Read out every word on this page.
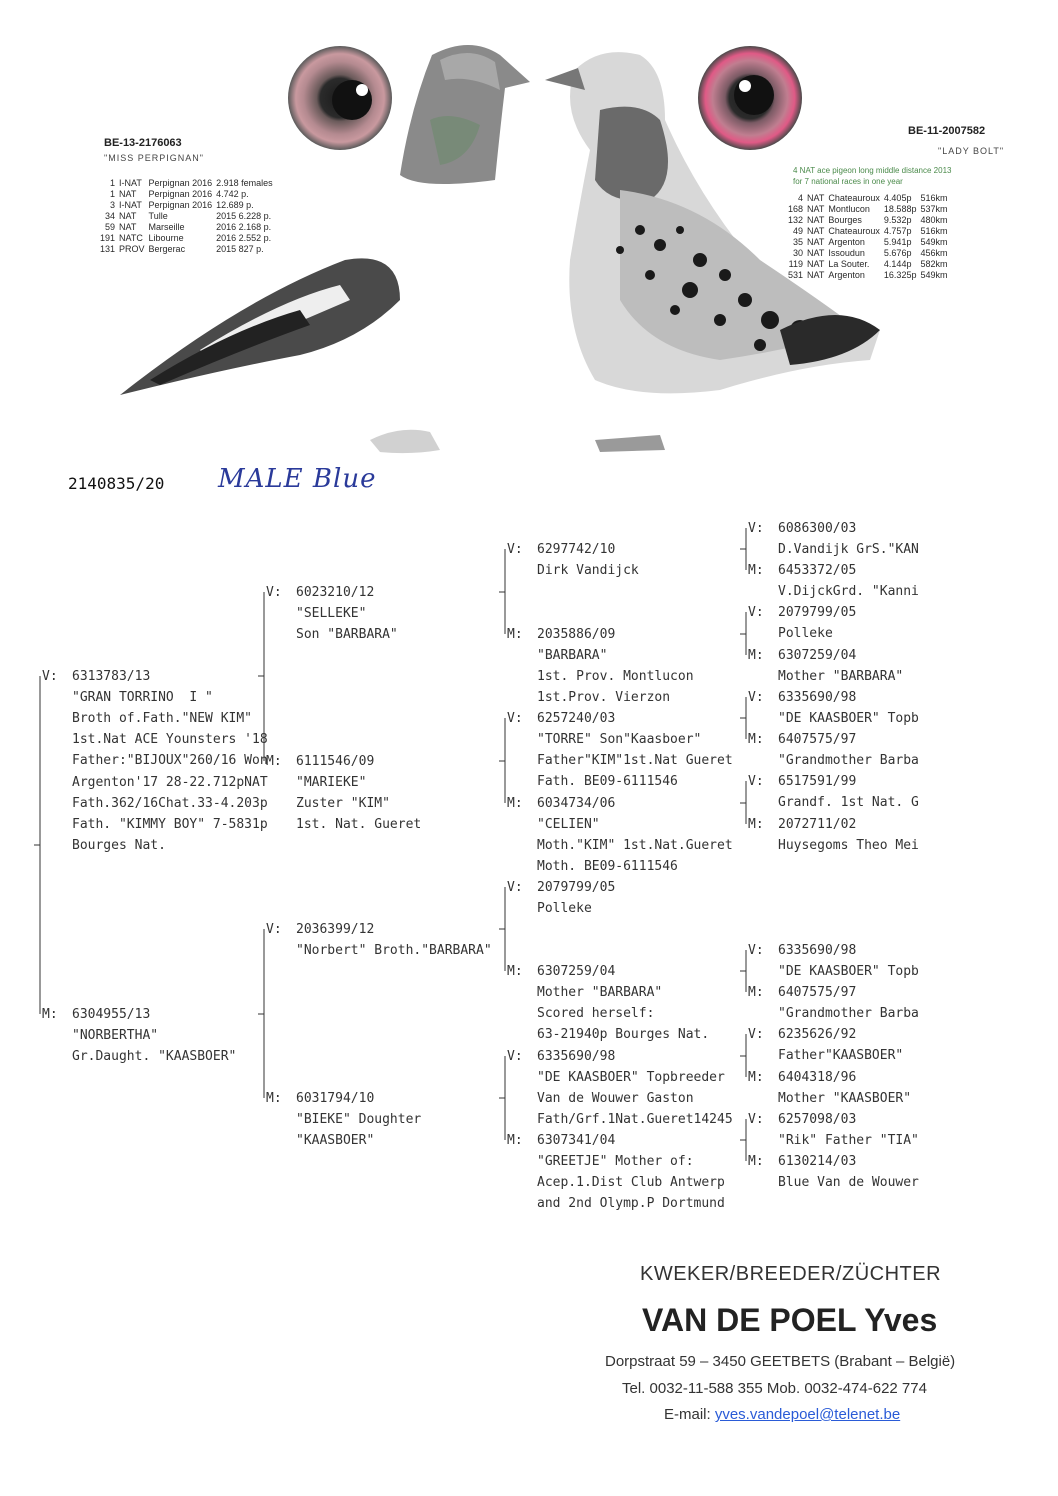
BE-13-2176063
"MISS PERPIGNAN"
1	I-NAT	Perpignan 2016	2.918 females
1	NAT	Perpignan 2016	4.742 p.
3	I-NAT	Perpignan 2016	12.689 p.
34	NAT	Tulle	2015 6.228 p.
59	NAT	Marseille	2016 2.168 p.
191	NATC	Libourne	2016 2.552 p.
131	PROV	Bergerac	2015 827 p.
BE-11-2007582
"LADY BOLT"
4 NAT ace pigeon long middle distance 2013
for 7 national races in one year
4	NAT	Chateauroux	4.405p	516km
168	NAT	Montlucon	18.588p	537km
132	NAT	Bourges	9.532p	480km
49	NAT	Chateauroux	4.757p	516km
35	NAT	Argenton	5.941p	549km
30	NAT	Issoudun	5.676p	456km
119	NAT	La Souter.	4.144p	582km
531	NAT	Argenton	16.325p	549km
2140835/20 MALE Blue
V: 6313783/13
"GRAN TORRINO  I "
Broth of.Fath."NEW KIM"
1st.Nat ACE Younsters '18
Father:"BIJOUX"260/16 Won
Argenton'17 28-22.712pNAT
Fath.362/16Chat.33-4.203p
Fath. "KIMMY BOY" 7-5831p
Bourges Nat.
M: 6304955/13
"NORBERTHA"
Gr.Daught. "KAASBOER"
V: 6023210/12
"SELLEKE"
Son "BARBARA"
M: 6111546/09
"MARIEKE"
Zuster "KIM"
1st. Nat. Gueret
V: 2036399/12
"Norbert" Broth."BARBARA"
M: 6031794/10
"BIEKE" Doughter
"KAASBOER"
V: 6297742/10
Dirk Vandijck
M: 2035886/09
"BARBARA"
1st. Prov. Montlucon
1st.Prov. Vierzon
V: 6257240/03
"TORRE" Son"Kaasboer"
Father"KIM"1st.Nat Gueret
Fath. BE09-6111546
M: 6034734/06
"CELIEN"
Moth."KIM" 1st.Nat.Gueret
Moth. BE09-6111546
V: 2079799/05
Polleke
M: 6307259/04
Mother "BARBARA"
Scored herself:
63-21940p Bourges Nat.
V: 6335690/98
"DE KAASBOER" Topbreeder
Van de Wouwer Gaston
Fath/Grf.1Nat.Gueret14245
M: 6307341/04
"GREETJE" Mother of:
Acep.1.Dist Club Antwerp
and 2nd Olymp.P Dortmund
V: 6086300/03
D.Vandijk GrS."KAN
M: 6453372/05
V.DijckGrd. "Kanni
V: 2079799/05
Polleke
M: 6307259/04
Mother "BARBARA"
V: 6335690/98
"DE KAASBOER" Topb
M: 6407575/97
"Grandmother Barba
V: 6517591/99
Grandf. 1st Nat. G
M: 2072711/02
Huysegoms Theo Mei
V: 6335690/98
"DE KAASBOER" Topb
M: 6407575/97
"Grandmother Barba
V: 6235626/92
Father"KAASBOER"
M: 6404318/96
Mother "KAASBOER"
V: 6257098/03
"Rik" Father "TIA"
M: 6130214/03
Blue Van de Wouwer
KWEKER/BREEDER/ZÜCHTER
VAN DE POEL Yves
Dorpstraat 59 – 3450 GEETBETS (Brabant – België)
Tel. 0032-11-588 355 Mob. 0032-474-622 774
E-mail: yves.vandepoel@telenet.be
